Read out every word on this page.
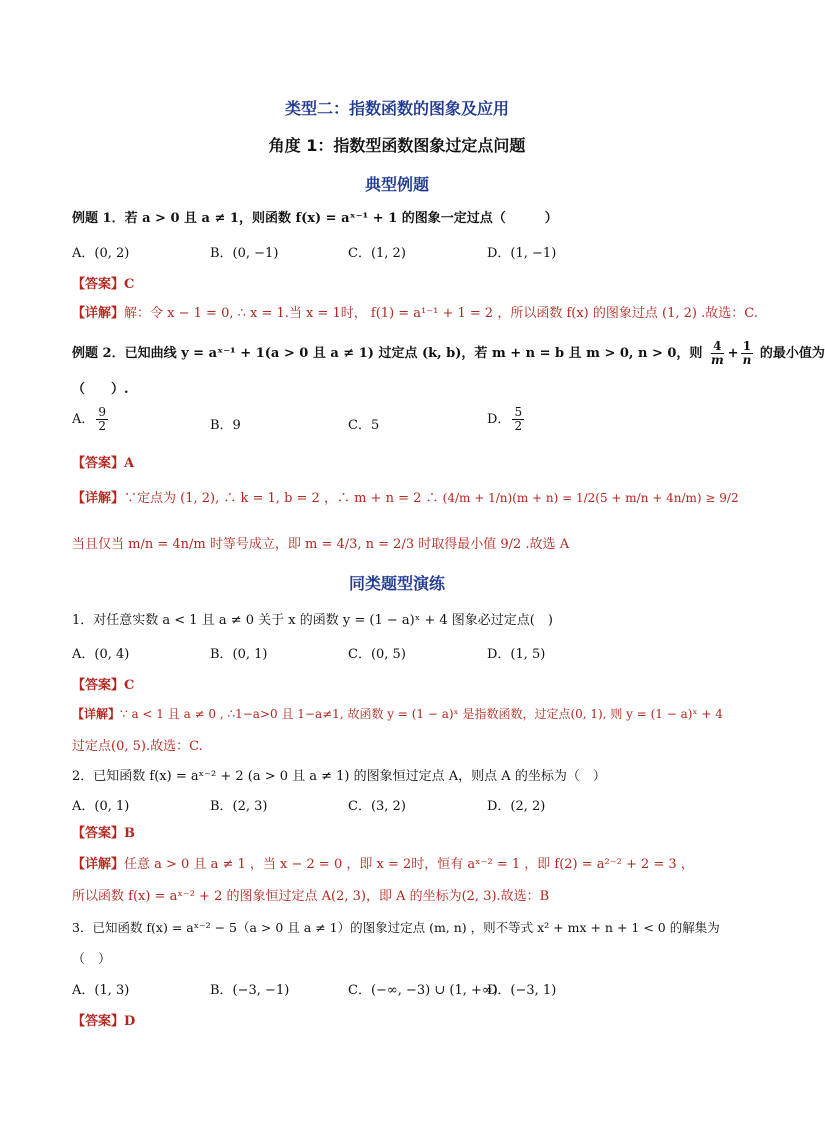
类型二：指数函数的图象及应用
角度 1：指数型函数图象过定点问题
典型例题
例题 1．若 a > 0 且 a ≠ 1，则函数 f(x) = aˣ⁻¹ + 1 的图象一定过点（　　　）
A．(0, 2)	B．(0, −1)	C．(1, 2)	D．(1, −1)
【答案】C
【详解】解：令 x − 1 = 0, ∴ x = 1.当 x = 1时， f(1) = a¹⁻¹ + 1 = 2 ，所以函数 f(x) 的图象过点 (1, 2) .故选：C.
例题 2．已知曲线 y = aˣ⁻¹ + 1(a > 0 且 a ≠ 1) 过定点 (k, b)，若 m + n = b 且 m > 0, n > 0，则 $\frac{4}{m} + \frac{1}{n}$ 的最小值为
（　　）.
A． $\frac{9}{2}$	B．9	C．5	D． $\frac{5}{2}$
【答案】A
【详解】∵定点为 (1, 2), ∴ k = 1, b = 2 ，∴ m + n = 2 ∴ (4/m + 1/n)(m + n) = 1/2(5 + m/n + 4n/m) ≥ 9/2
当且仅当 m/n = 4n/m 时等号成立，即 m = 4/3, n = 2/3 时取得最小值 9/2 .故选 A
同类题型演练
1．对任意实数 a < 1 且 a ≠ 0 关于 x 的函数 y = (1 − a)ˣ + 4 图象必过定点(　)
A．(0, 4)	B．(0, 1)	C．(0, 5)	D．(1, 5)
【答案】C
【详解】∵ a < 1 且 a ≠ 0 , ∴1−a>0 且 1−a≠1, 故函数 y = (1 − a)ˣ 是指数函数，过定点(0, 1), 则 y = (1 − a)ˣ + 4
过定点(0, 5).故选：C.
2．已知函数 f(x) = aˣ⁻² + 2 (a > 0 且 a ≠ 1) 的图象恒过定点 A，则点 A 的坐标为（　）
A．(0, 1)	B．(2, 3)	C．(3, 2)	D．(2, 2)
【答案】B
【详解】任意 a > 0 且 a ≠ 1 ，当 x − 2 = 0 ，即 x = 2时，恒有 aˣ⁻² = 1 ，即 f(2) = a²⁻² + 2 = 3 ，
所以函数 f(x) = aˣ⁻² + 2 的图象恒过定点 A(2, 3)，即 A 的坐标为(2, 3).故选：B
3．已知函数 f(x) = aˣ⁻² − 5（a > 0 且 a ≠ 1）的图象过定点 (m, n) ，则不等式 x² + mx + n + 1 < 0 的解集为
（　）
A．(1, 3)	B．(−3, −1)	C．(−∞, −3) ∪ (1, +∞)
D．(−3, 1)
【答案】D
